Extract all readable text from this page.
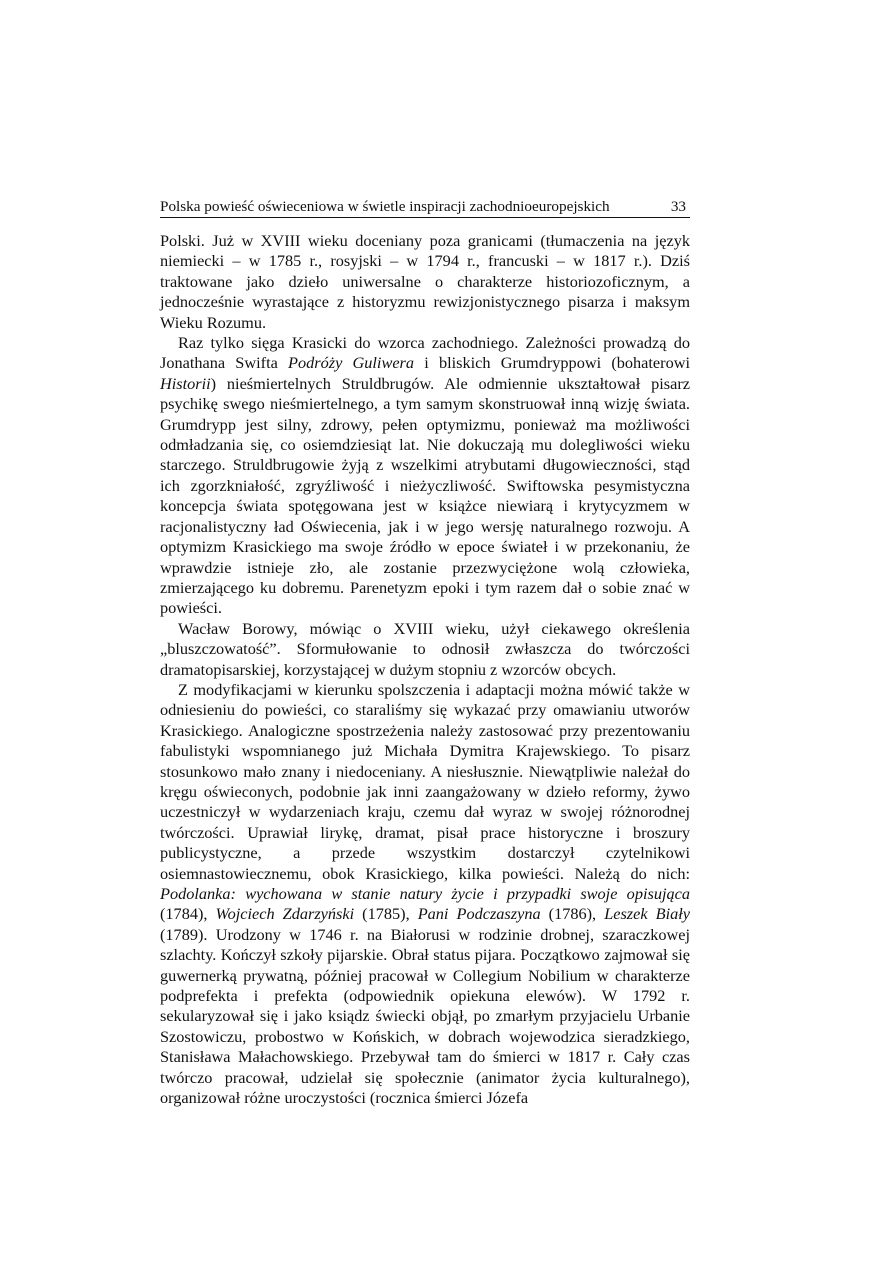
Polska powieść oświeceniowa w świetle inspiracji zachodnioeuropejskich	33

Polski. Już w XVIII wieku doceniany poza granicami (tłumaczenia na język niemiecki – w 1785 r., rosyjski – w 1794 r., francuski – w 1817 r.). Dziś traktowane jako dzieło uniwersalne o charakterze historiozoficznym, a jednocześnie wyrastające z historyzmu rewizjonistycznego pisarza i maksym Wieku Rozumu.

Raz tylko sięga Krasicki do wzorca zachodniego. Zależności prowadzą do Jonathana Swifta Podróży Guliwera i bliskich Grumdryppowi (bohaterowi Historii) nieśmiertelnych Struldbrugów. Ale odmiennie ukształtował pisarz psychikę swego nieśmiertelnego, a tym samym skonstruował inną wizję świata. Grumdrypp jest silny, zdrowy, pełen optymizmu, ponieważ ma możliwości odmładzania się, co osiemdziesiąt lat. Nie dokuczają mu dolegliwości wieku starczego. Struldbrugowie żyją z wszelkimi atrybutami długowieczności, stąd ich zgorzkniałość, zgryźliwość i nieżyczliwość. Swiftowska pesymistyczna koncepcja świata spotęgowana jest w książce niewiarą i krytycyzmem w racjonalistyczny ład Oświecenia, jak i w jego wersję naturalnego rozwoju. A optymizm Krasickiego ma swoje źródło w epoce świateł i w przekonaniu, że wprawdzie istnieje zło, ale zostanie przezwyciężone wolą człowieka, zmierzającego ku dobremu. Parenetyzm epoki i tym razem dał o sobie znać w powieści.

Wacław Borowy, mówiąc o XVIII wieku, użył ciekawego określenia „bluszczowatość”. Sformułowanie to odnosił zwłaszcza do twórczości dramatopisarskiej, korzystającej w dużym stopniu z wzorców obcych.

Z modyfikacjami w kierunku spolszczenia i adaptacji można mówić także w odniesieniu do powieści, co staraliśmy się wykazać przy omawianiu utworów Krasickiego. Analogiczne spostrzeżenia należy zastosować przy prezentowaniu fabulistyki wspomnianego już Michała Dymitra Krajewskiego. To pisarz stosunkowo mało znany i niedoceniany. A niesłusznie. Niewątpliwie należał do kręgu oświeconych, podobnie jak inni zaangażowany w dzieło reformy, żywo uczestniczył w wydarzeniach kraju, czemu dał wyraz w swojej różnorodnej twórczości. Uprawiał lirykę, dramat, pisał prace historyczne i broszury publicystyczne, a przede wszystkim dostarczył czytelnikowi osiemnastowiecznemu, obok Krasickiego, kilka powieści. Należą do nich: Podolanka: wychowana w stanie natury życie i przypadki swoje opisująca (1784), Wojciech Zdarzyński (1785), Pani Podczaszyna (1786), Leszek Biały (1789). Urodzony w 1746 r. na Białorusi w rodzinie drobnej, szaraczkowej szlachty. Kończył szkoły pijarskie. Obrał status pijara. Początkowo zajmował się guwernerką prywatną, później pracował w Collegium Nobilium w charakterze podprefekta i prefekta (odpowiednik opiekuna elewów). W 1792 r. sekularyzował się i jako ksiądz świecki objął, po zmarłym przyjacielu Urbanie Szostowiczu, probostwo w Końskich, w dobrach wojewodzica sieradzkiego, Stanisława Małachowskiego. Przebywał tam do śmierci w 1817 r. Cały czas twórczo pracował, udzielał się społecznie (animator życia kulturalnego), organizował różne uroczystości (rocznica śmierci Józefa
